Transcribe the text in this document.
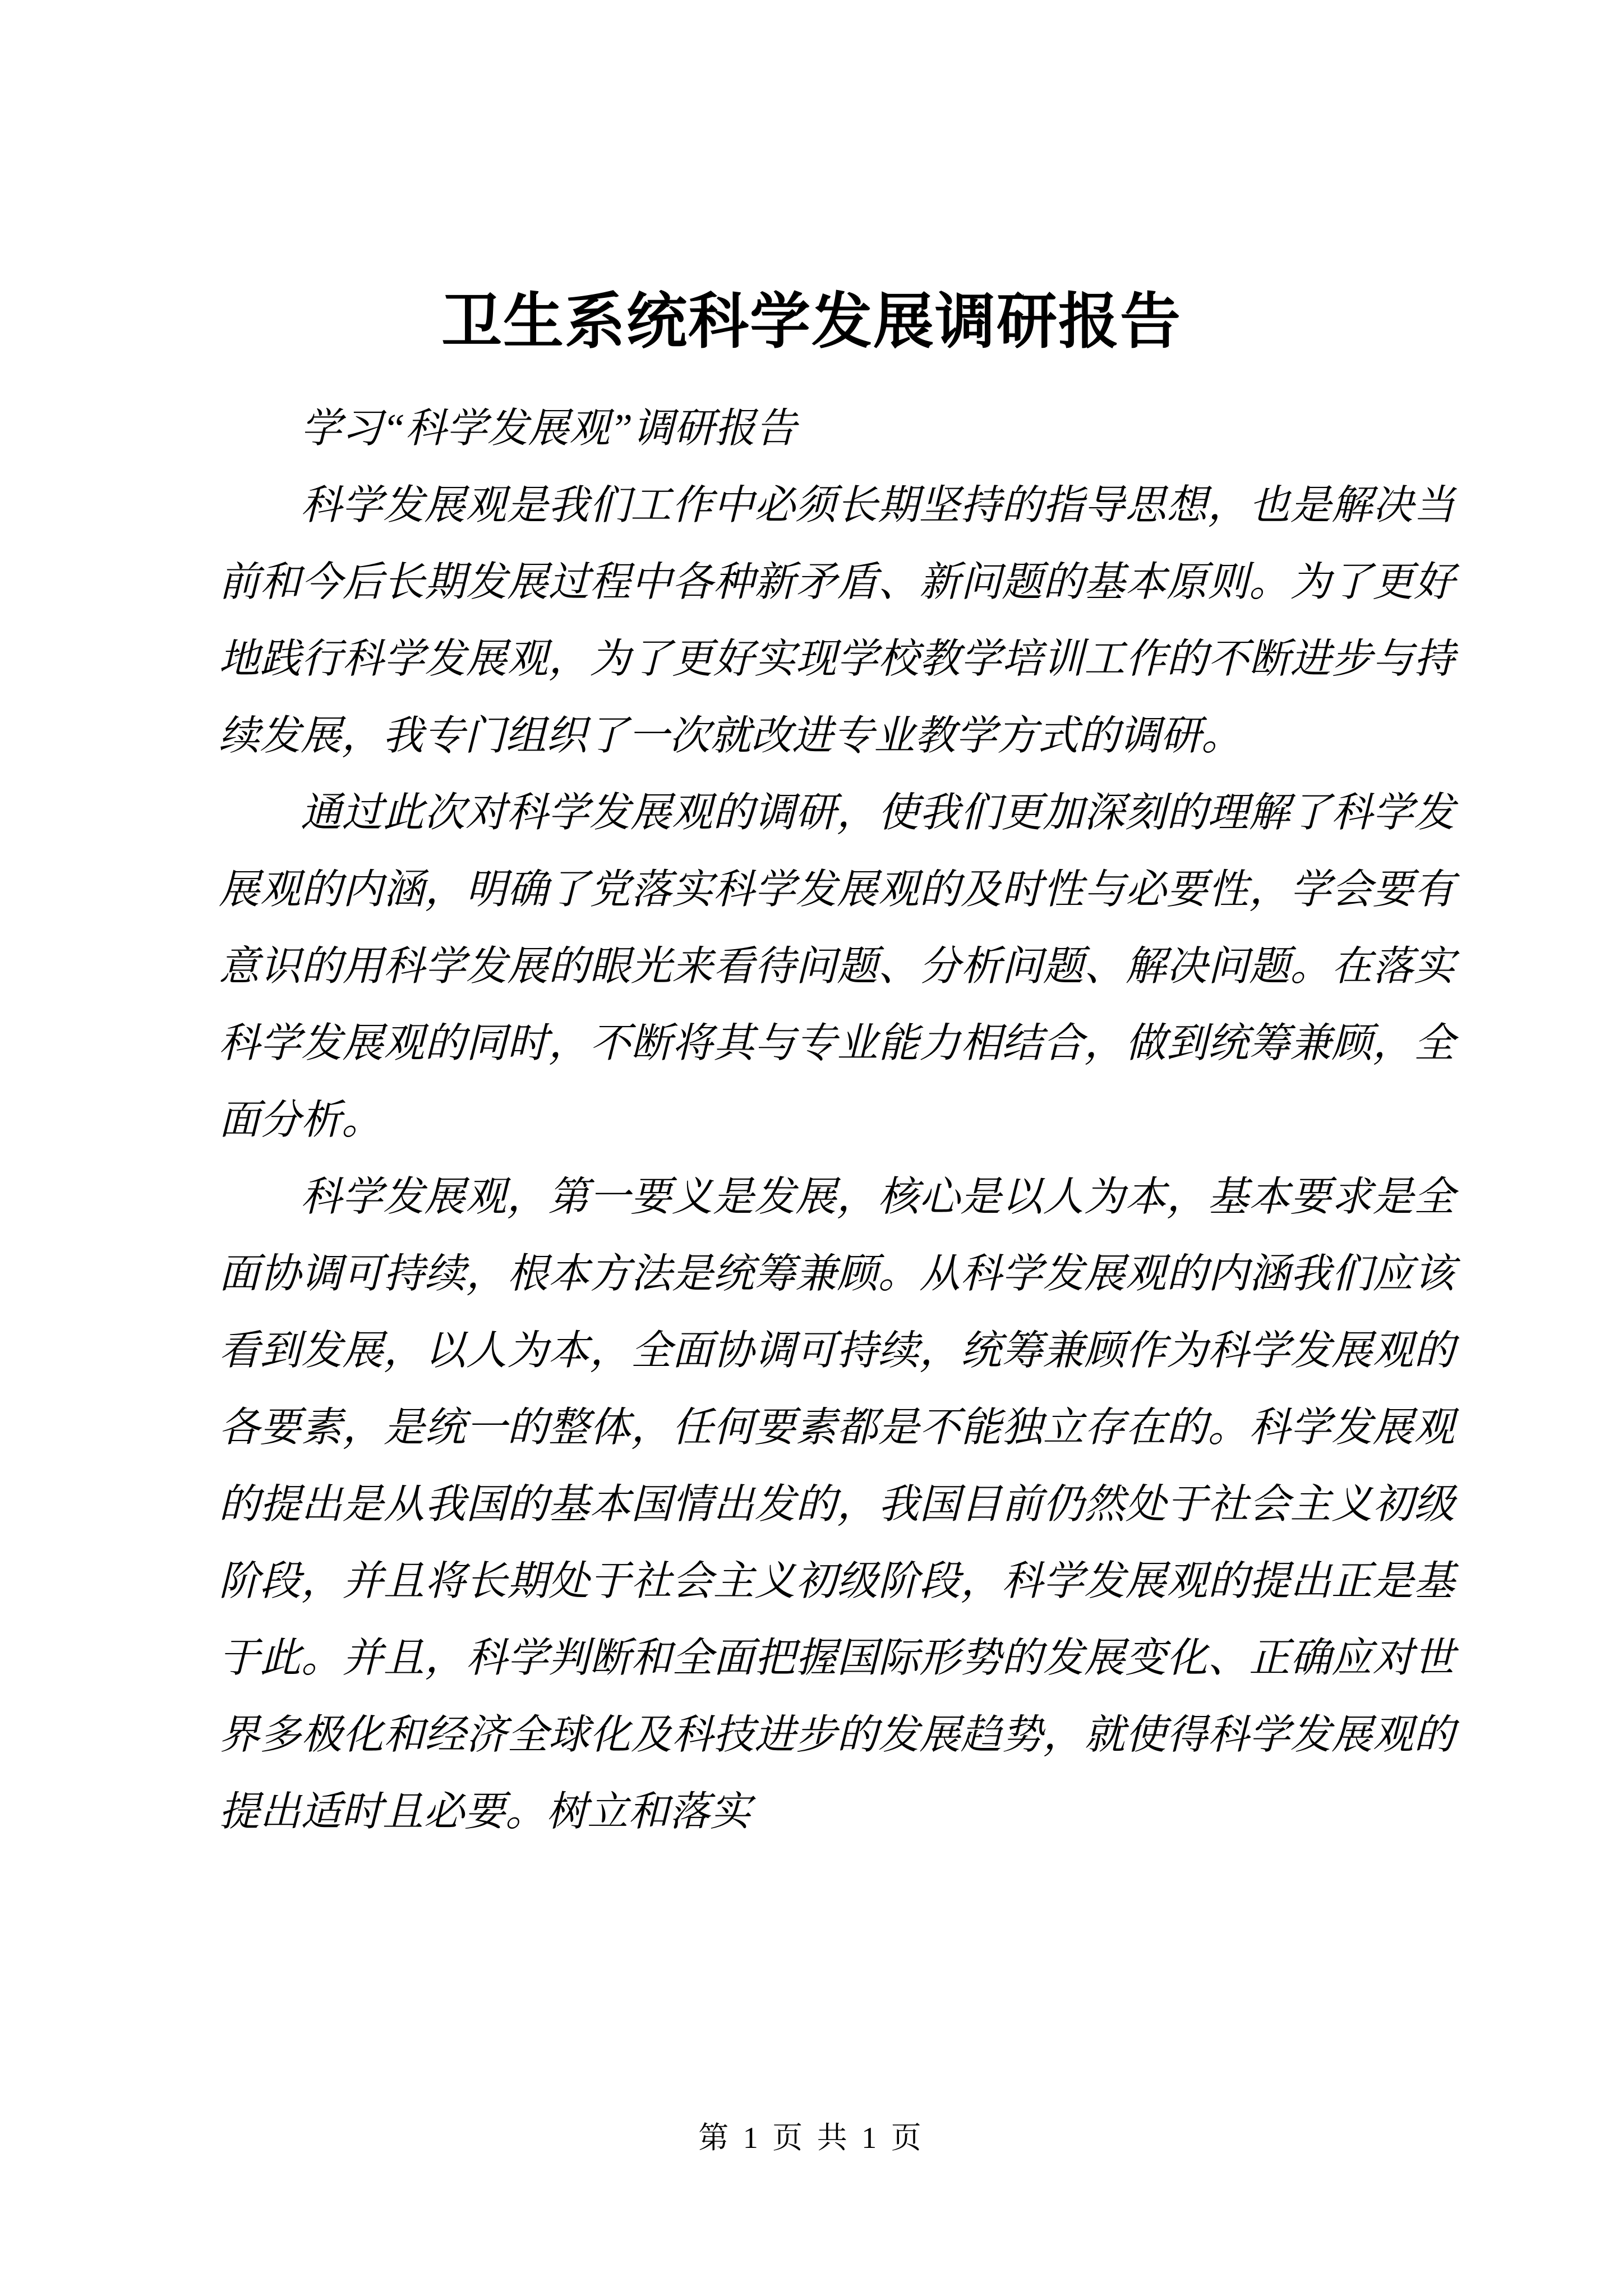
卫生系统科学发展调研报告

学习“科学发展观”调研报告

科学发展观是我们工作中必须长期坚持的指导思想，也是解决当前和今后长期发展过程中各种新矛盾、新问题的基本原则。为了更好地践行科学发展观，为了更好实现学校教学培训工作的不断进步与持续发展，我专门组织了一次就改进专业教学方式的调研。

通过此次对科学发展观的调研，使我们更加深刻的理解了科学发展观的内涵，明确了党落实科学发展观的及时性与必要性，学会要有意识的用科学发展的眼光来看待问题、分析问题、解决问题。在落实科学发展观的同时，不断将其与专业能力相结合，做到统筹兼顾，全面分析。

科学发展观，第一要义是发展，核心是以人为本，基本要求是全面协调可持续，根本方法是统筹兼顾。从科学发展观的内涵我们应该看到发展，以人为本，全面协调可持续，统筹兼顾作为科学发展观的各要素，是统一的整体，任何要素都是不能独立存在的。科学发展观的提出是从我国的基本国情出发的，我国目前仍然处于社会主义初级阶段，并且将长期处于社会主义初级阶段，科学发展观的提出正是基于此。并且，科学判断和全面把握国际形势的发展变化、正确应对世界多极化和经济全球化及科技进步的发展趋势，就使得科学发展观的提出适时且必要。树立和落实

第 1 页 共 1 页
